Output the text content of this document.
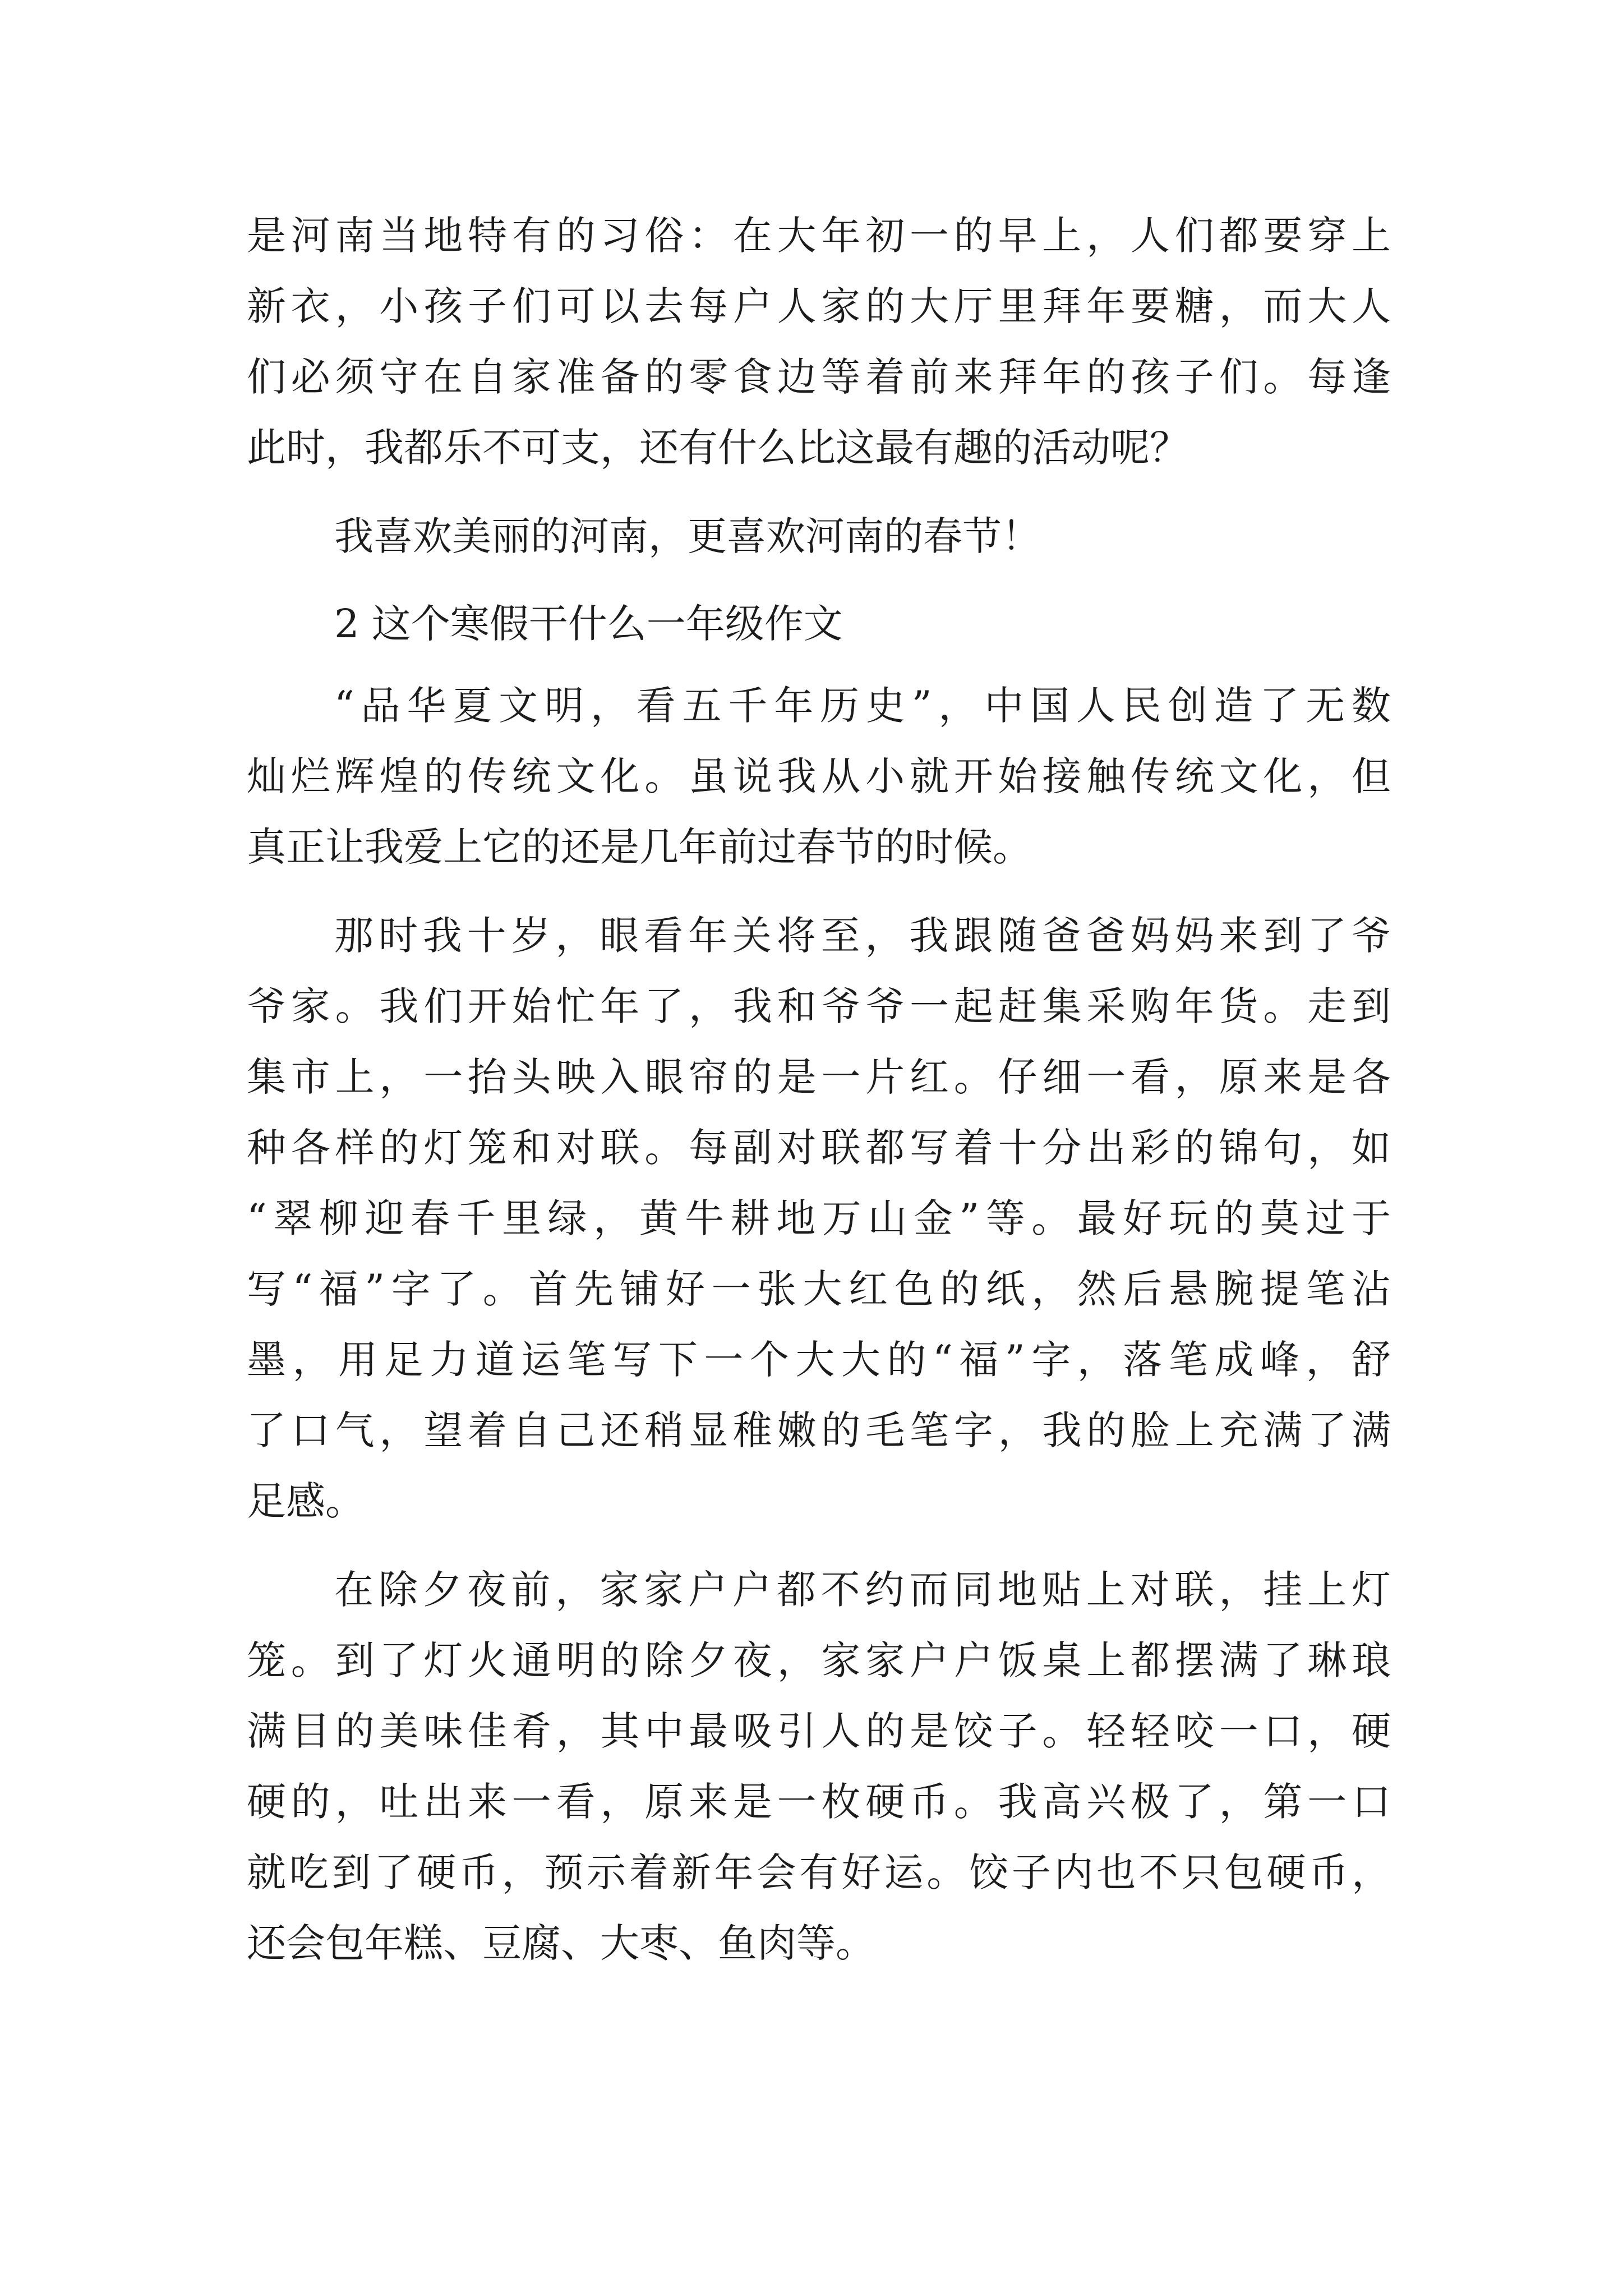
是河南当地特有的习俗：在大年初一的早上，人们都要穿上
新衣，小孩子们可以去每户人家的大厅里拜年要糖，而大人
们必须守在自家准备的零食边等着前来拜年的孩子们。每逢
此时，我都乐不可支，还有什么比这最有趣的活动呢？
我喜欢美丽的河南，更喜欢河南的春节！
2 这个寒假干什么一年级作文
“品华夏文明，看五千年历史”，中国人民创造了无数
灿烂辉煌的传统文化。虽说我从小就开始接触传统文化，但
真正让我爱上它的还是几年前过春节的时候。
那时我十岁，眼看年关将至，我跟随爸爸妈妈来到了爷
爷家。我们开始忙年了，我和爷爷一起赶集采购年货。走到
集市上，一抬头映入眼帘的是一片红。仔细一看，原来是各
种各样的灯笼和对联。每副对联都写着十分出彩的锦句，如
“翠柳迎春千里绿，黄牛耕地万山金”等。最好玩的莫过于
写“福”字了。首先铺好一张大红色的纸，然后悬腕提笔沾
墨，用足力道运笔写下一个大大的“福”字，落笔成峰，舒
了口气，望着自己还稍显稚嫩的毛笔字，我的脸上充满了满
足感。
在除夕夜前，家家户户都不约而同地贴上对联，挂上灯
笼。到了灯火通明的除夕夜，家家户户饭桌上都摆满了琳琅
满目的美味佳肴，其中最吸引人的是饺子。轻轻咬一口，硬
硬的，吐出来一看，原来是一枚硬币。我高兴极了，第一口
就吃到了硬币，预示着新年会有好运。饺子内也不只包硬币，
还会包年糕、豆腐、大枣、鱼肉等。
